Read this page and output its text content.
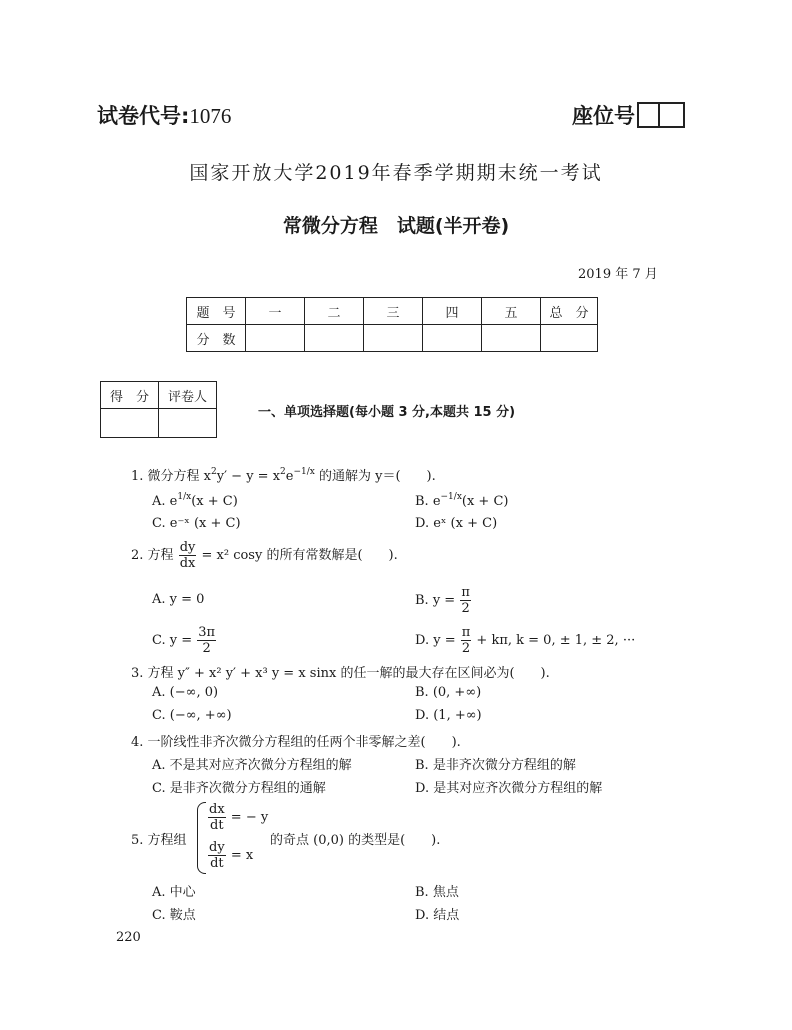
试卷代号:1076	座位号
国家开放大学2019年春季学期期末统一考试
常微分方程　试题(半开卷)
2019 年 7 月
题　号	一	二	三	四	五	总　分
分　数						
得　分	评卷人

一、单项选择题(每小题 3 分,本题共 15 分)
1. 微分方程 $x^2y' - y = x^2e^{-1/x}$ 的通解为 y＝(　　).
A. $e^{1/x}(x + C)$	B. $e^{-1/x}(x + C)$
C. e⁻ˣ (x + C)	D. eˣ (x + C)
2. 方程 $\frac{dy}{dx} = x^2$ cosy 的所有常数解是(　　).
A. y = 0	B. $y = \frac{\pi}{2}$
C. $y = \frac{3\pi}{2}$	D. $y = \frac{\pi}{2} + k\pi$, k = 0, ± 1, ± 2, ···
3. 方程 y″ + x² y′ + x³ y = x sinx 的任一解的最大存在区间必为(　　).
A. (−∞, 0)	B. (0, +∞)
C. (−∞, +∞)	D. (1, +∞)
4. 一阶线性非齐次微分方程组的任两个非零解之差(　　).
A. 不是其对应齐次微分方程组的解	B. 是非齐次微分方程组的解
C. 是非齐次微分方程组的通解	D. 是其对应齐次微分方程组的解
5. 方程组
$\frac{dx}{dt}$ = − y
$\frac{dy}{dt} = x$
的奇点 (0,0) 的类型是(　　).
A. 中心	B. 焦点
C. 鞍点	D. 结点
220
